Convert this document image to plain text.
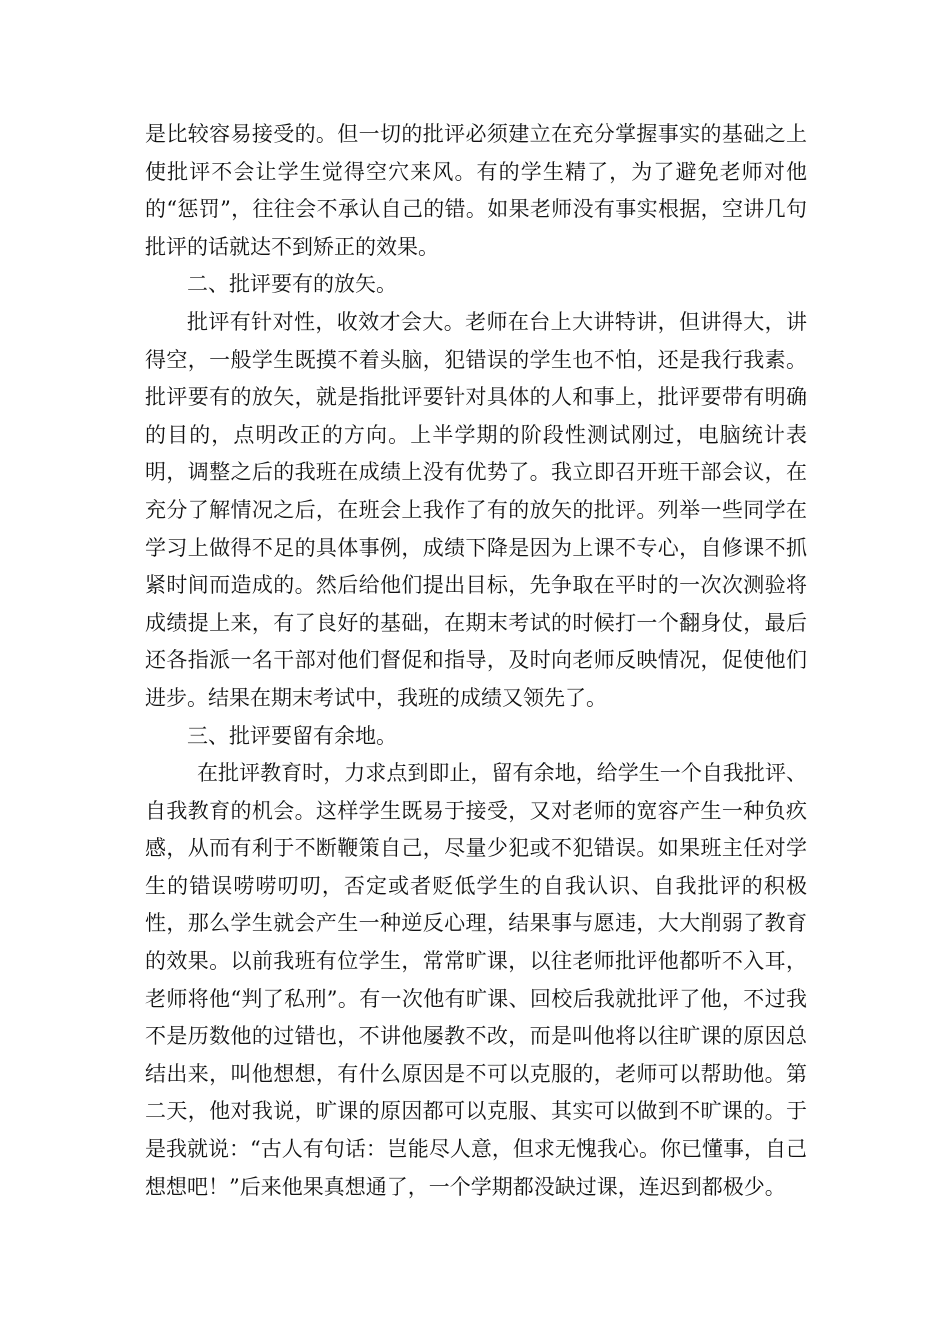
是比较容易接受的。但一切的批评必须建立在充分掌握事实的基础之上使批评不会让学生觉得空穴来风。有的学生精了，为了避免老师对他的“惩罚”，往往会不承认自己的错。如果老师没有事实根据，空讲几句批评的话就达不到矫正的效果。

二、批评要有的放矢。

批评有针对性，收效才会大。老师在台上大讲特讲，但讲得大，讲得空，一般学生既摸不着头脑，犯错误的学生也不怕，还是我行我素。批评要有的放矢，就是指批评要针对具体的人和事上，批评要带有明确的目的，点明改正的方向。上半学期的阶段性测试刚过，电脑统计表明，调整之后的我班在成绩上没有优势了。我立即召开班干部会议，在充分了解情况之后，在班会上我作了有的放矢的批评。列举一些同学在学习上做得不足的具体事例，成绩下降是因为上课不专心，自修课不抓紧时间而造成的。然后给他们提出目标，先争取在平时的一次次测验将成绩提上来，有了良好的基础，在期末考试的时候打一个翻身仗，最后还各指派一名干部对他们督促和指导，及时向老师反映情况，促使他们进步。结果在期末考试中，我班的成绩又领先了。

三、批评要留有余地。

在批评教育时，力求点到即止，留有余地，给学生一个自我批评、自我教育的机会。这样学生既易于接受，又对老师的宽容产生一种负疚感，从而有利于不断鞭策自己，尽量少犯或不犯错误。如果班主任对学生的错误唠唠叨叨，否定或者贬低学生的自我认识、自我批评的积极性，那么学生就会产生一种逆反心理，结果事与愿违，大大削弱了教育的效果。以前我班有位学生，常常旷课，以往老师批评他都听不入耳，老师将他“判了私刑”。有一次他有旷课、回校后我就批评了他，不过我不是历数他的过错也，不讲他屡教不改，而是叫他将以往旷课的原因总结出来，叫他想想，有什么原因是不可以克服的，老师可以帮助他。第二天，他对我说，旷课的原因都可以克服、其实可以做到不旷课的。于是我就说：“古人有句话：岂能尽人意，但求无愧我心。你已懂事，自己想想吧！”后来他果真想通了，一个学期都没缺过课，连迟到都极少。
